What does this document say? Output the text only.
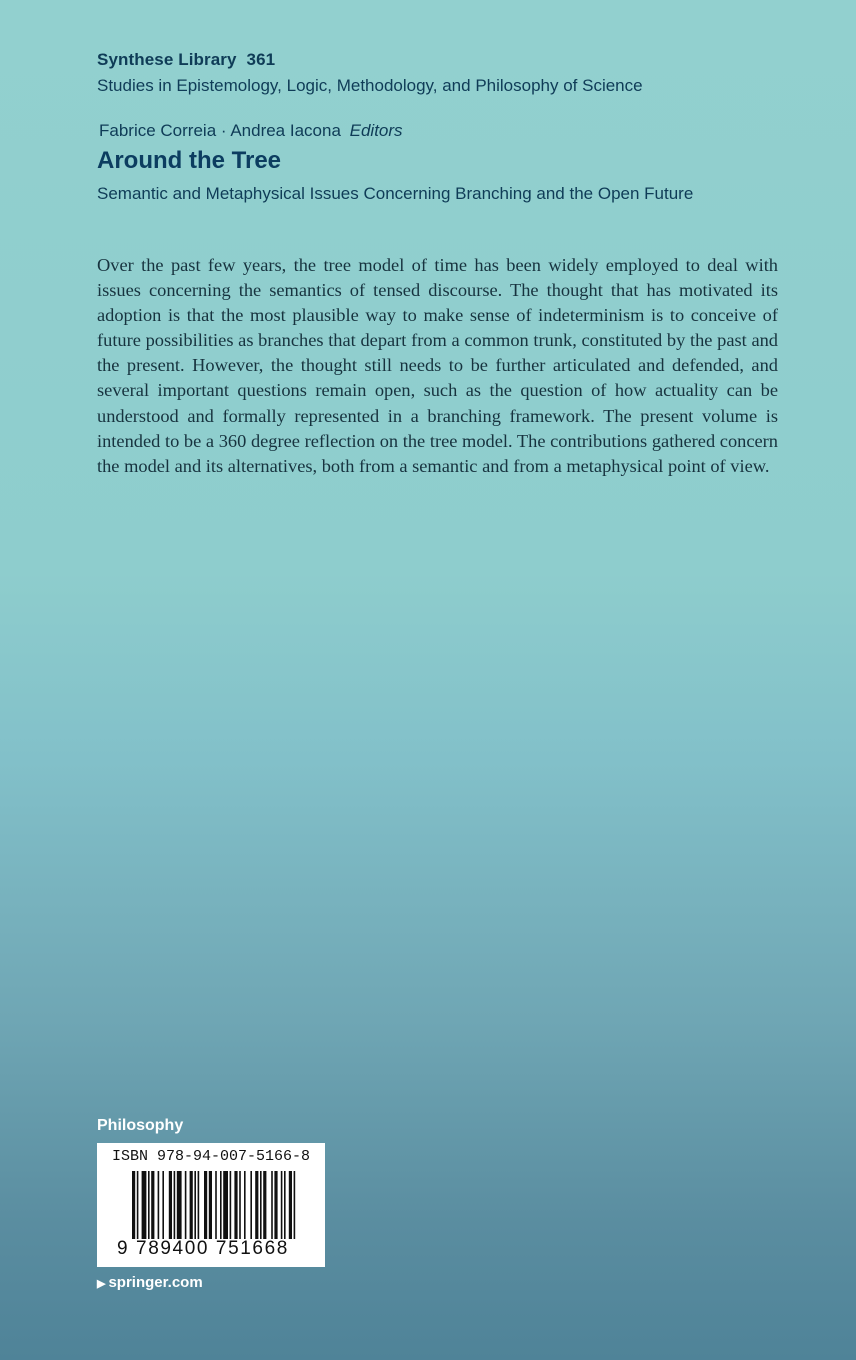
Synthese Library 361
Studies in Epistemology, Logic, Methodology, and Philosophy of Science
Fabrice Correia · Andrea Iacona Editors
Around the Tree
Semantic and Metaphysical Issues Concerning Branching and the Open Future

Over the past few years, the tree model of time has been widely employed to deal with issues concerning the semantics of tensed discourse. The thought that has motivated its adoption is that the most plausible way to make sense of indeterminism is to conceive of future possibilities as branches that depart from a common trunk, constituted by the past and the present. However, the thought still needs to be further articulated and defended, and several important questions remain open, such as the question of how actuality can be understood and formally represented in a branching framework. The present volume is intended to be a 360 degree reflection on the tree model. The contributions gathered concern the model and its alternatives, both from a semantic and from a metaphysical point of view.

Philosophy
ISBN 978-94-007-5166-8
9 789400 751668
▶ springer.com
